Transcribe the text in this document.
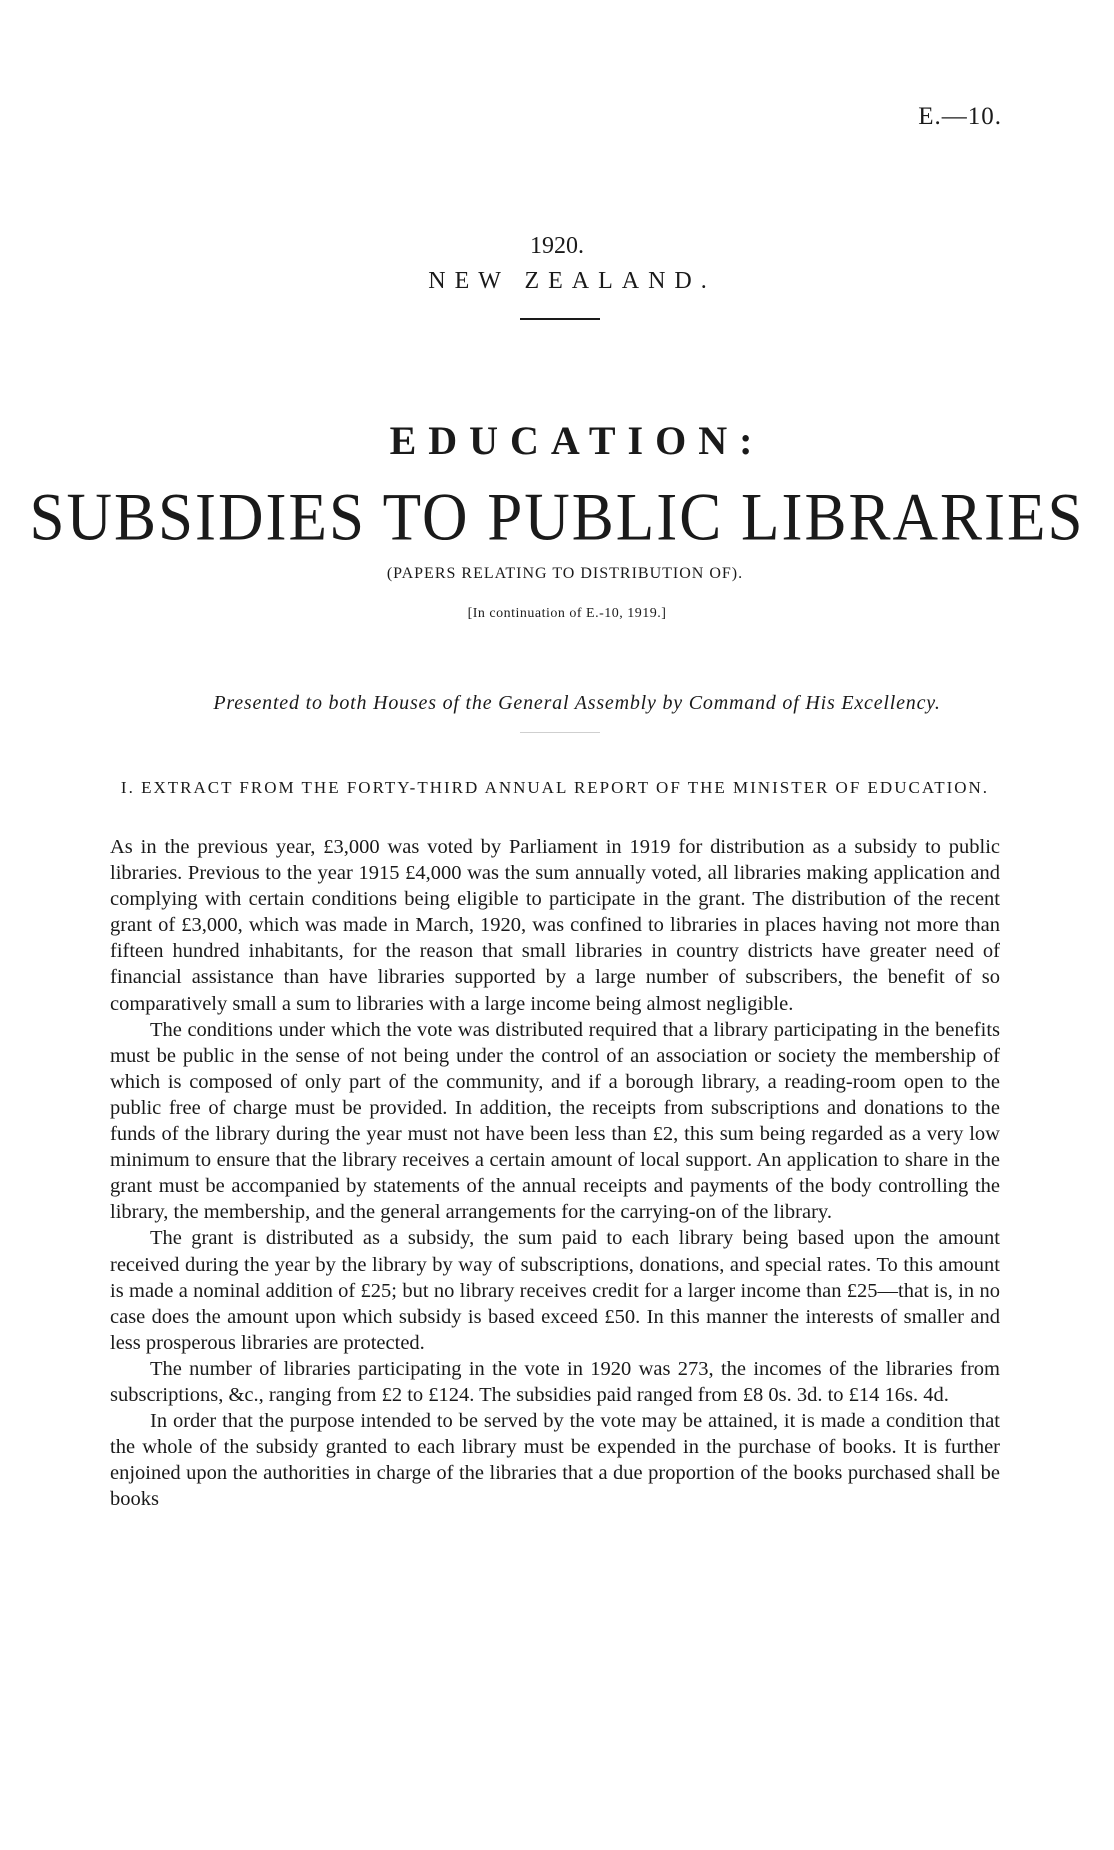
E.—10.
1920.
NEW ZEALAND.
EDUCATION:
SUBSIDIES TO PUBLIC LIBRARIES
(PAPERS RELATING TO DISTRIBUTION OF).
[In continuation of E.-10, 1919.]
Presented to both Houses of the General Assembly by Command of His Excellency.
I. EXTRACT FROM THE FORTY-THIRD ANNUAL REPORT OF THE MINISTER OF EDUCATION.

As in the previous year, £3,000 was voted by Parliament in 1919 for distribution as a subsidy to public libraries. Previous to the year 1915 £4,000 was the sum annually voted, all libraries making application and complying with certain conditions being eligible to participate in the grant. The distribution of the recent grant of £3,000, which was made in March, 1920, was confined to libraries in places having not more than fifteen hundred inhabitants, for the reason that small libraries in country districts have greater need of financial assistance than have libraries supported by a large number of subscribers, the benefit of so comparatively small a sum to libraries with a large income being almost negligible.

The conditions under which the vote was distributed required that a library participating in the benefits must be public in the sense of not being under the control of an association or society the membership of which is composed of only part of the community, and if a borough library, a reading-room open to the public free of charge must be provided. In addition, the receipts from subscriptions and donations to the funds of the library during the year must not have been less than £2, this sum being regarded as a very low minimum to ensure that the library receives a certain amount of local support. An application to share in the grant must be accompanied by statements of the annual receipts and payments of the body controlling the library, the membership, and the general arrangements for the carrying-on of the library.

The grant is distributed as a subsidy, the sum paid to each library being based upon the amount received during the year by the library by way of subscriptions, donations, and special rates. To this amount is made a nominal addition of £25; but no library receives credit for a larger income than £25—that is, in no case does the amount upon which subsidy is based exceed £50. In this manner the interests of smaller and less prosperous libraries are protected.

The number of libraries participating in the vote in 1920 was 273, the incomes of the libraries from subscriptions, &c., ranging from £2 to £124. The subsidies paid ranged from £8 0s. 3d. to £14 16s. 4d.

In order that the purpose intended to be served by the vote may be attained, it is made a condition that the whole of the subsidy granted to each library must be expended in the purchase of books. It is further enjoined upon the authorities in charge of the libraries that a due proportion of the books purchased shall be books
